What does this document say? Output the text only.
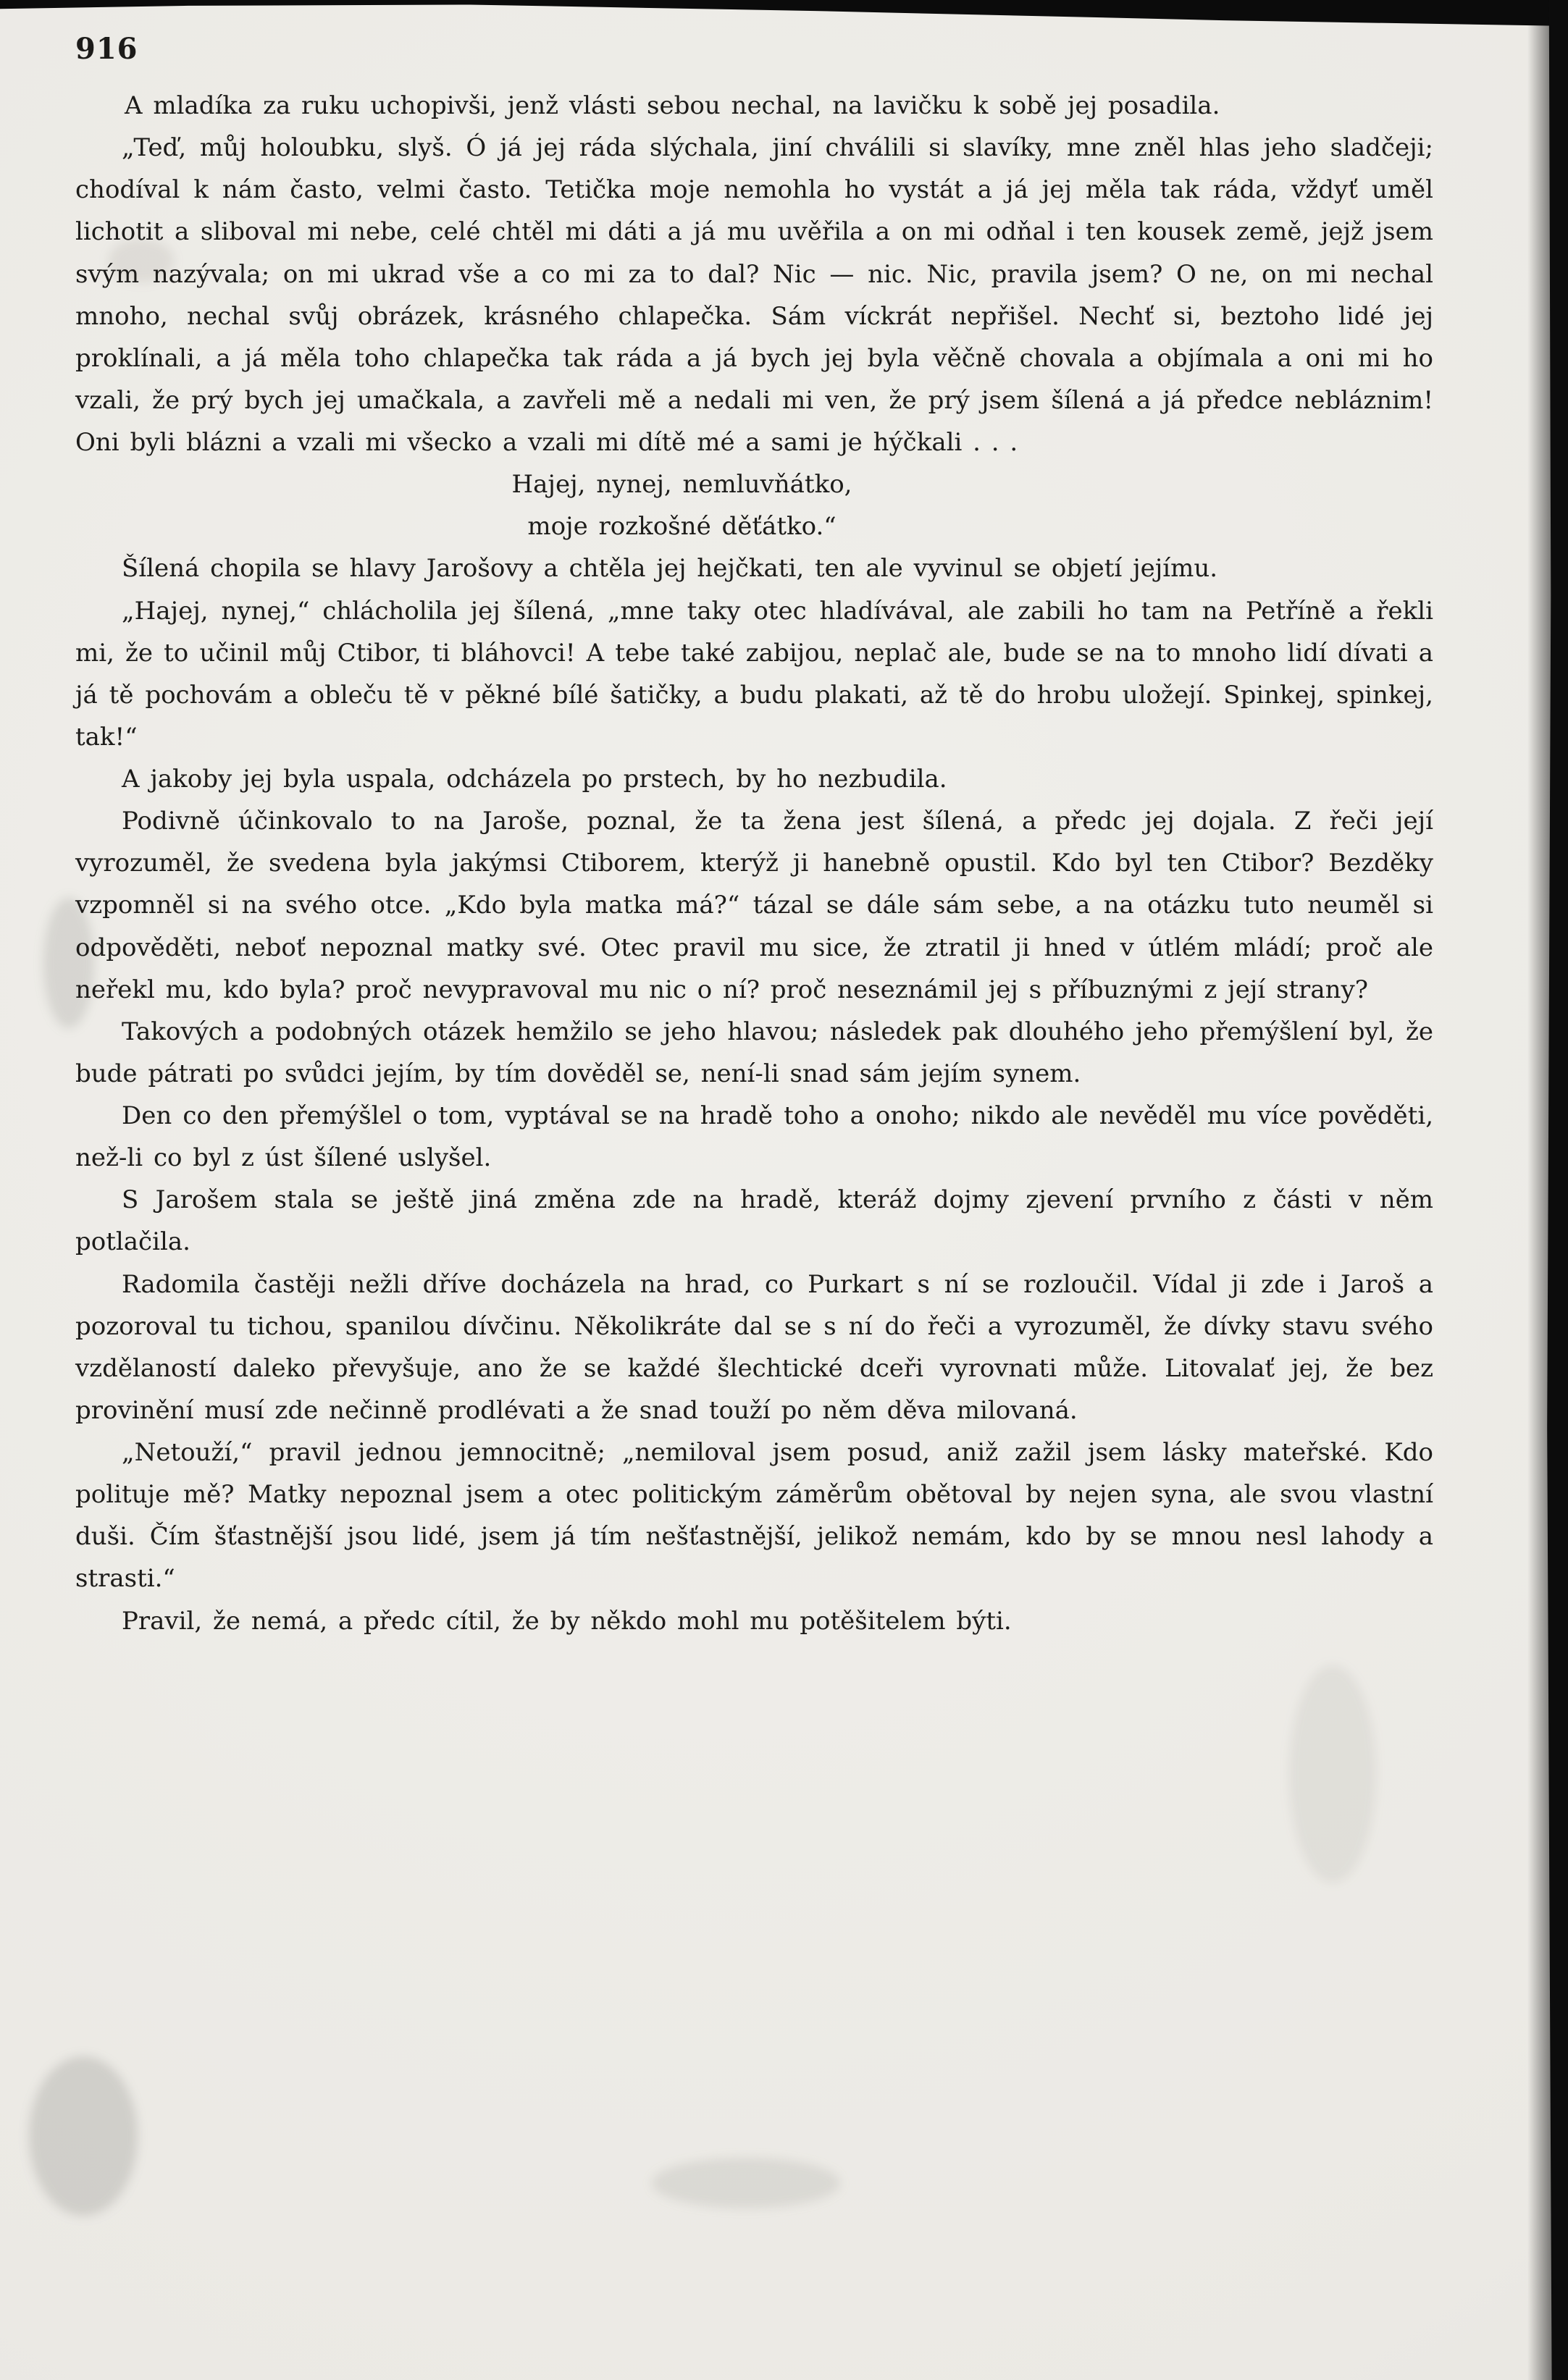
916

A mladíka za ruku uchopivši, jenž vlásti sebou nechal, na lavičku k sobě jej posadila.

„Teď, můj holoubku, slyš. Ó já jej ráda slýchala, jiní chválili si slavíky, mne zněl hlas jeho sladčeji; chodíval k nám často, velmi často. Tetička moje nemohla ho vystát a já jej měla tak ráda, vždyť uměl lichotit a sliboval mi nebe, celé chtěl mi dáti a já mu uvěřila a on mi odňal i ten kousek země, jejž jsem svým nazývala; on mi ukrad vše a co mi za to dal? Nic — nic. Nic, pravila jsem? O ne, on mi nechal mnoho, nechal svůj obrázek, krásného chlapečka. Sám víckrát nepřišel. Nechť si, beztoho lidé jej proklínali, a já měla toho chlapečka tak ráda a já bych jej byla věčně chovala a objímala a oni mi ho vzali, že prý bych jej umačkala, a zavřeli mě a nedali mi ven, že prý jsem šílená a já předce nebláznim! Oni byli blázni a vzali mi všecko a vzali mi dítě mé a sami je hýčkali . . .

Hajej, nynej, nemluvňátko,

moje rozkošné děťátko.“

Šílená chopila se hlavy Jarošovy a chtěla jej hejčkati, ten ale vyvinul se objetí jejímu.

„Hajej, nynej,“ chlácholila jej šílená, „mne taky otec hladívával, ale zabili ho tam na Petříně a řekli mi, že to učinil můj Ctibor, ti bláhovci! A tebe také zabijou, neplač ale, bude se na to mnoho lidí dívati a já tě pochovám a obleču tě v pěkné bílé šatičky, a budu plakati, až tě do hrobu uložejí. Spinkej, spinkej, tak!“

A jakoby jej byla uspala, odcházela po prstech, by ho nezbudila.

Podivně účinkovalo to na Jaroše, poznal, že ta žena jest šílená, a předc jej dojala. Z řeči její vyrozuměl, že svedena byla jakýmsi Ctiborem, kterýž ji hanebně opustil. Kdo byl ten Ctibor? Bezděky vzpomněl si na svého otce. „Kdo byla matka má?“ tázal se dále sám sebe, a na otázku tuto neuměl si odpověděti, neboť nepoznal matky své. Otec pravil mu sice, že ztratil ji hned v útlém mládí; proč ale neřekl mu, kdo byla? proč nevypravoval mu nic o ní? proč neseznámil jej s příbuznými z její strany?

Takových a podobných otázek hemžilo se jeho hlavou; následek pak dlouhého jeho přemýšlení byl, že bude pátrati po svůdci jejím, by tím dověděl se, není-li snad sám jejím synem.

Den co den přemýšlel o tom, vyptával se na hradě toho a onoho; nikdo ale nevěděl mu více pověděti, než-li co byl z úst šílené uslyšel.

S Jarošem stala se ještě jiná změna zde na hradě, kteráž dojmy zjevení prvního z části v něm potlačila.

Radomila častěji nežli dříve docházela na hrad, co Purkart s ní se rozloučil. Vídal ji zde i Jaroš a pozoroval tu tichou, spanilou dívčinu. Několikráte dal se s ní do řeči a vyrozuměl, že dívky stavu svého vzdělaností daleko převyšuje, ano že se každé šlechtické dceři vyrovnati může. Litovalať jej, že bez provinění musí zde nečinně prodlévati a že snad touží po něm děva milovaná.

„Netouží,“ pravil jednou jemnocitně; „nemiloval jsem posud, aniž zažil jsem lásky mateřské. Kdo polituje mě? Matky nepoznal jsem a otec politickým záměrům obětoval by nejen syna, ale svou vlastní duši. Čím šťastnější jsou lidé, jsem já tím nešťastnější, jelikož nemám, kdo by se mnou nesl lahody a strasti.“

Pravil, že nemá, a předc cítil, že by někdo mohl mu potěšitelem býti.
